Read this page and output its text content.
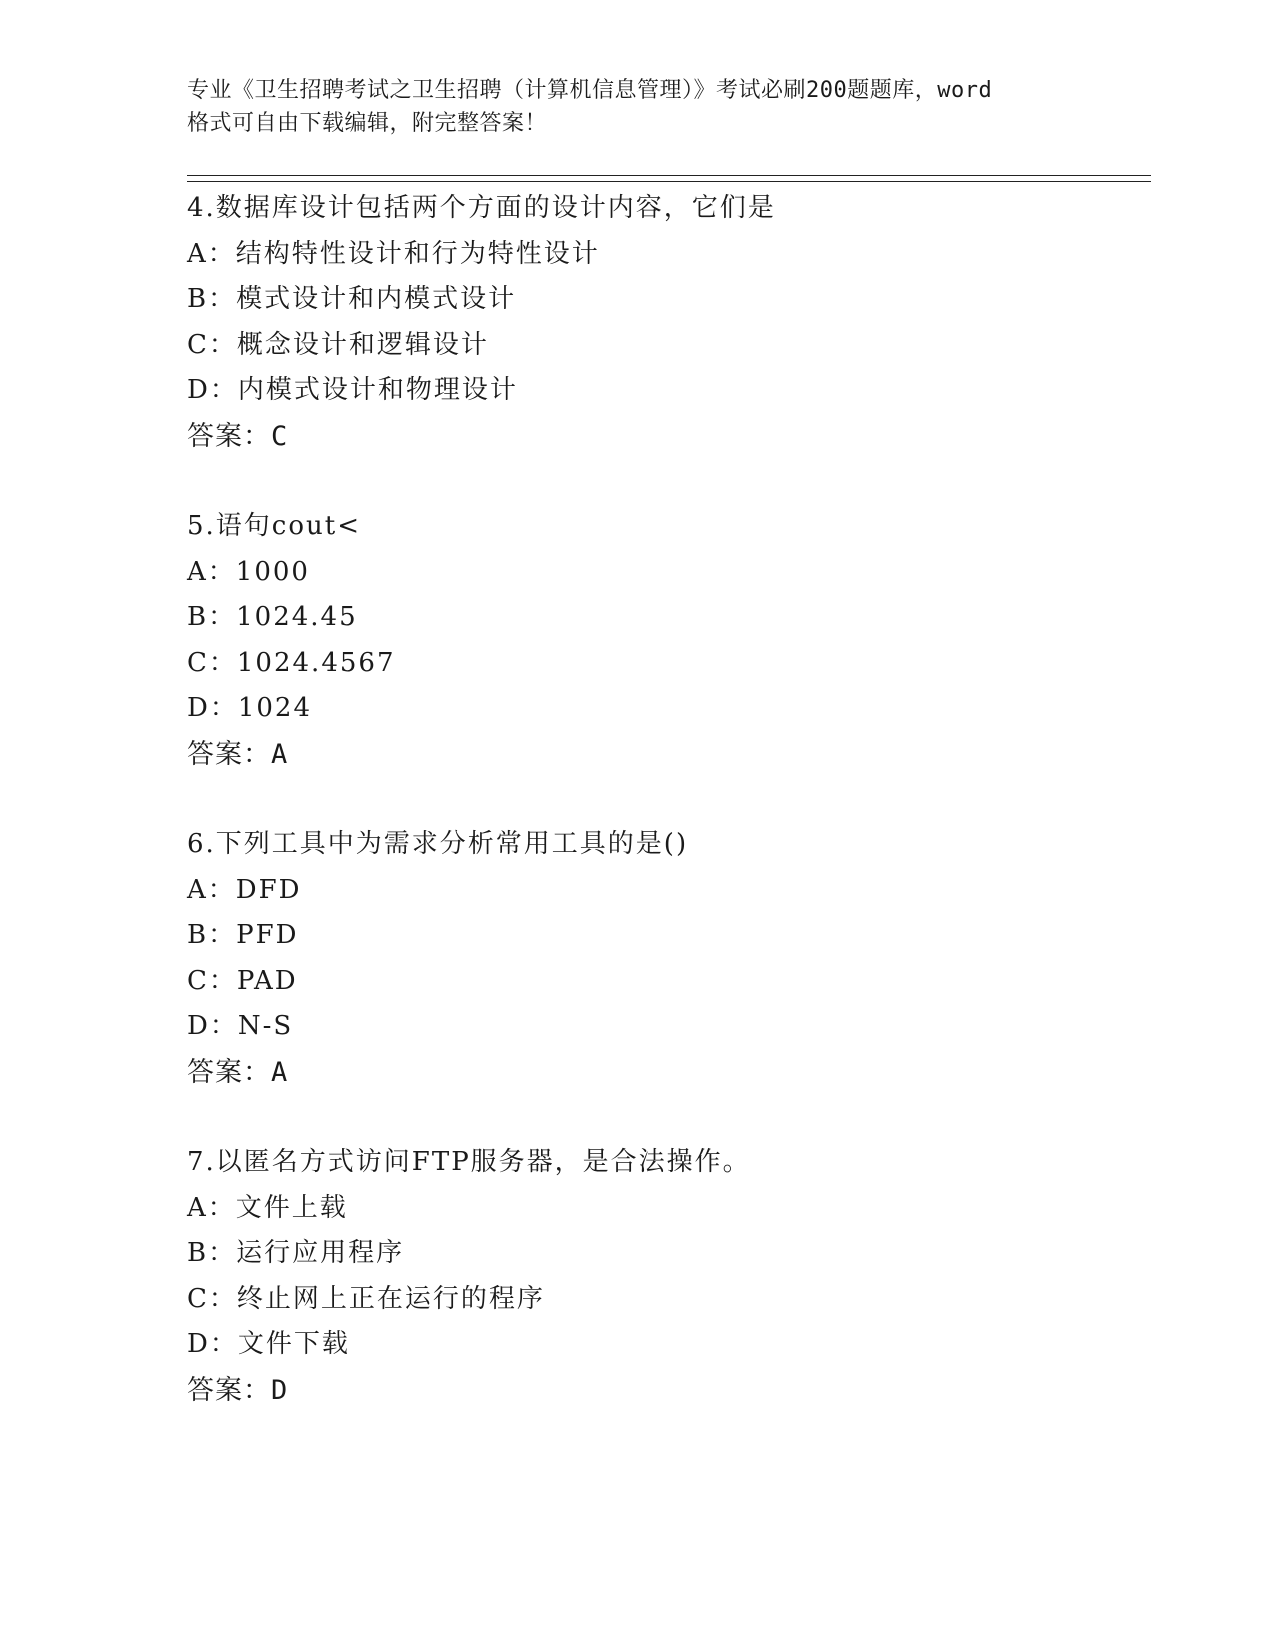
专业《卫生招聘考试之卫生招聘（计算机信息管理）》考试必刷200题题库，word
格式可自由下载编辑，附完整答案！
4.数据库设计包括两个方面的设计内容，它们是
A：结构特性设计和行为特性设计
B：模式设计和内模式设计
C：概念设计和逻辑设计
D：内模式设计和物理设计
答案：C
5.语句cout<
A：1000
B：1024.45
C：1024.4567
D：1024
答案：A
6.下列工具中为需求分析常用工具的是()
A：DFD
B：PFD
C：PAD
D：N-S
答案：A
7.以匿名方式访问FTP服务器，是合法操作。
A：文件上载
B：运行应用程序
C：终止网上正在运行的程序
D：文件下载
答案：D
